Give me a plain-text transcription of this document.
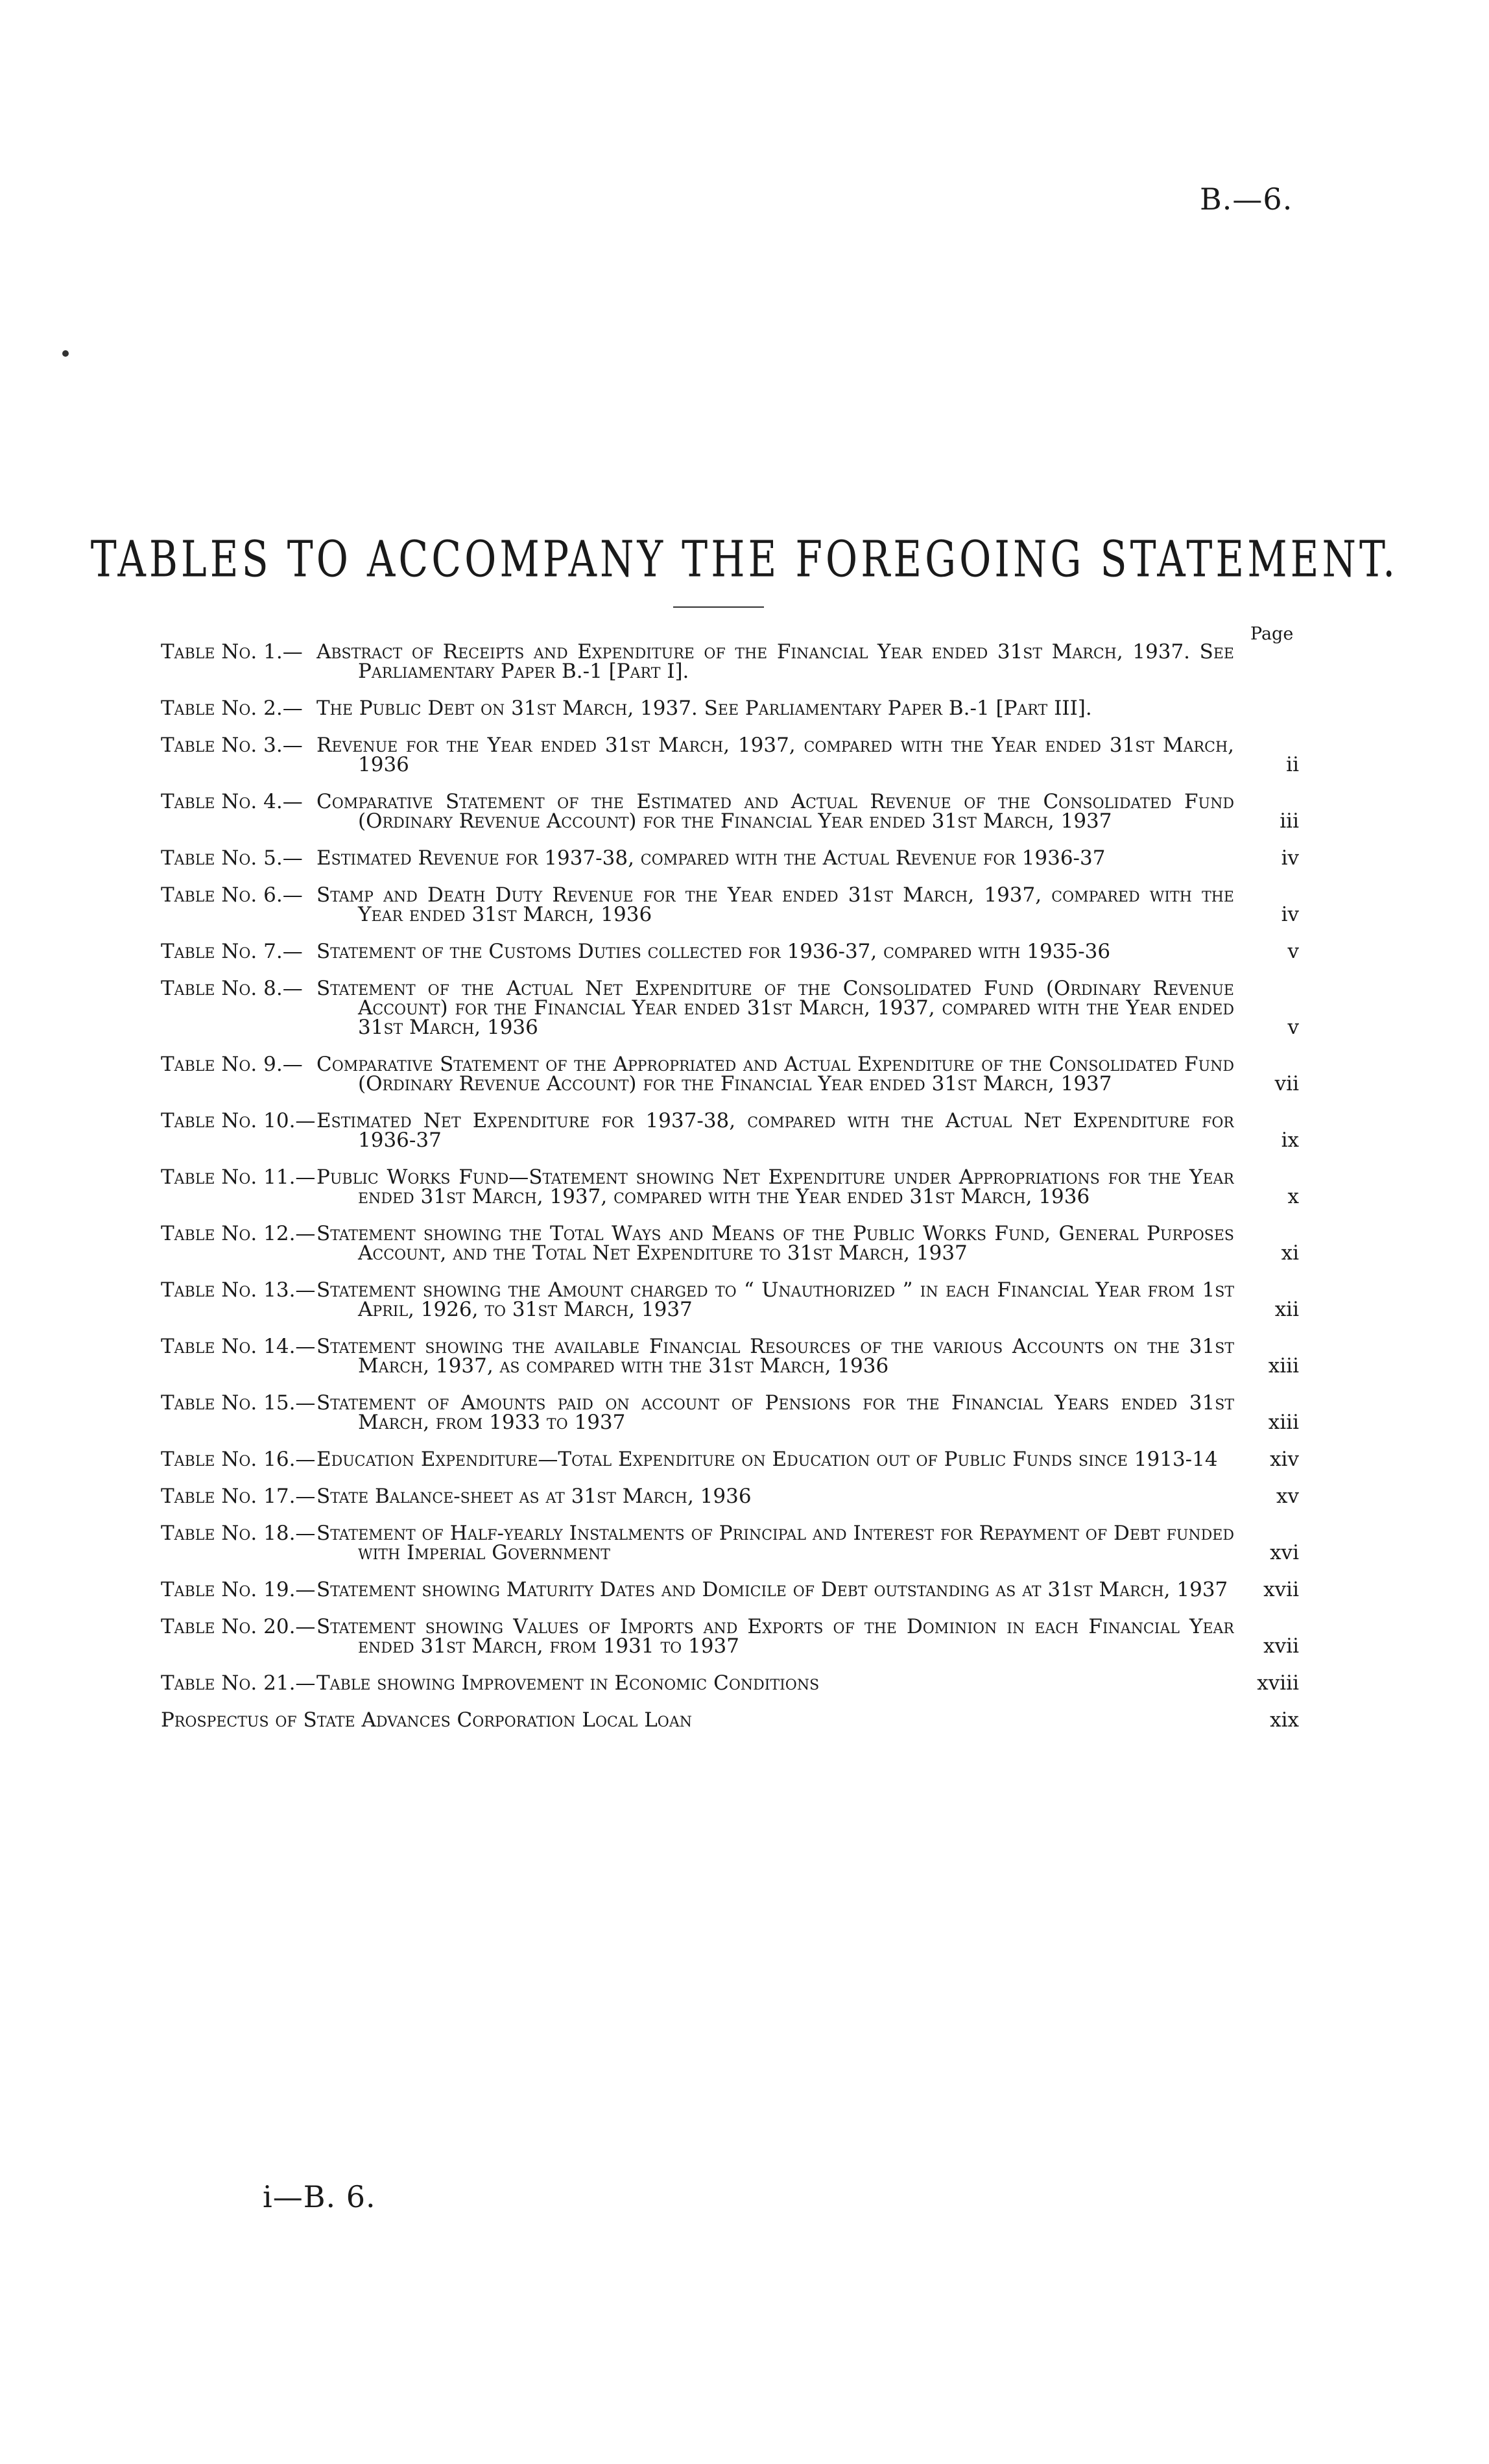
B.—6.
TABLES TO ACCOMPANY THE FOREGOING STATEMENT.
Page
Table No. 1.— Abstract of Receipts and Expenditure of the Financial Year ended 31st March, 1937. See Parliamentary Paper B.-1 [Part I].
Table No. 2.— The Public Debt on 31st March, 1937. See Parliamentary Paper B.-1 [Part III].
Table No. 3.— Revenue for the Year ended 31st March, 1937, compared with the Year ended 31st March, 1936	ii
Table No. 4.— Comparative Statement of the Estimated and Actual Revenue of the Consolidated Fund (Ordinary Revenue Account) for the Financial Year ended 31st March, 1937	iii
Table No. 5.— Estimated Revenue for 1937-38, compared with the Actual Revenue for 1936-37	iv
Table No. 6.— Stamp and Death Duty Revenue for the Year ended 31st March, 1937, compared with the Year ended 31st March, 1936	iv
Table No. 7.— Statement of the Customs Duties collected for 1936-37, compared with 1935-36	v
Table No. 8.— Statement of the Actual Net Expenditure of the Consolidated Fund (Ordinary Revenue Account) for the Financial Year ended 31st March, 1937, compared with the Year ended 31st March, 1936	v
Table No. 9.— Comparative Statement of the Appropriated and Actual Expenditure of the Consolidated Fund (Ordinary Revenue Account) for the Financial Year ended 31st March, 1937	vii
Table No. 10.— Estimated Net Expenditure for 1937-38, compared with the Actual Net Expenditure for 1936-37	ix
Table No. 11.— Public Works Fund—Statement showing Net Expenditure under Appropriations for the Year ended 31st March, 1937, compared with the Year ended 31st March, 1936	x
Table No. 12.— Statement showing the Total Ways and Means of the Public Works Fund, General Purposes Account, and the Total Net Expenditure to 31st March, 1937	xi
Table No. 13.— Statement showing the Amount charged to “ Unauthorized ” in each Financial Year from 1st April, 1926, to 31st March, 1937	xii
Table No. 14.— Statement showing the available Financial Resources of the various Accounts on the 31st March, 1937, as compared with the 31st March, 1936	xiii
Table No. 15.— Statement of Amounts paid on account of Pensions for the Financial Years ended 31st March, from 1933 to 1937	xiii
Table No. 16.— Education Expenditure—Total Expenditure on Education out of Public Funds since 1913-14	xiv
Table No. 17.— State Balance-sheet as at 31st March, 1936	xv
Table No. 18.— Statement of Half-yearly Instalments of Principal and Interest for Repayment of Debt funded with Imperial Government	xvi
Table No. 19.— Statement showing Maturity Dates and Domicile of Debt outstanding as at 31st March, 1937	xvii
Table No. 20.— Statement showing Values of Imports and Exports of the Dominion in each Financial Year ended 31st March, from 1931 to 1937	xvii
Table No. 21.— Table showing Improvement in Economic Conditions	xviii
Prospectus of State Advances Corporation Local Loan	xix
i—B. 6.
